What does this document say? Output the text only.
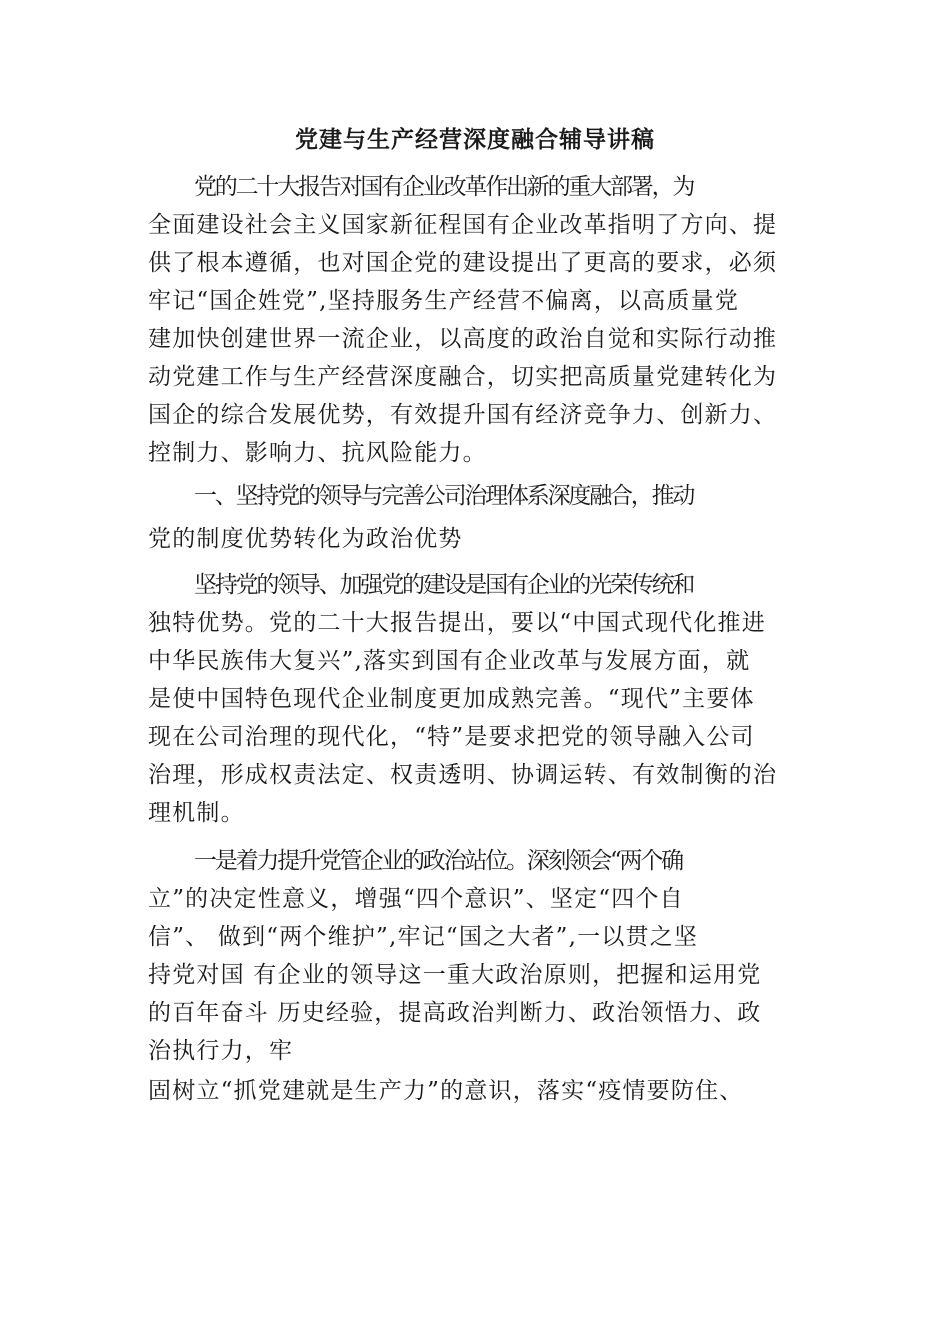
党建与生产经营深度融合辅导讲稿
党的二十大报告对国有企业改革作出新的重大部署，为
全面建设社会主义国家新征程国有企业改革指明了方向、提
供了根本遵循，也对国企党的建设提出了更高的要求，必须
牢记“国企姓党”,坚持服务生产经营不偏离，以高质量党
建加快创建世界一流企业，以高度的政治自觉和实际行动推
动党建工作与生产经营深度融合，切实把高质量党建转化为
国企的综合发展优势，有效提升国有经济竞争力、创新力、
控制力、影响力、抗风险能力。
一、坚持党的领导与完善公司治理体系深度融合，推动
党的制度优势转化为政治优势
坚持党的领导、加强党的建设是国有企业的光荣传统和
独特优势。党的二十大报告提出，要以“中国式现代化推进
中华民族伟大复兴”,落实到国有企业改革与发展方面，就
是使中国特色现代企业制度更加成熟完善。“现代”主要体
现在公司治理的现代化，“特”是要求把党的领导融入公司
治理，形成权责法定、权责透明、协调运转、有效制衡的治
理机制。
一是着力提升党管企业的政治站位。深刻领会“两个确
立”的决定性意义，增强“四个意识”、坚定“四个自
信”、 做到“两个维护”,牢记“国之大者”,一以贯之坚
持党对国 有企业的领导这一重大政治原则，把握和运用党
的百年奋斗 历史经验，提高政治判断力、政治领悟力、政
治执行力，牢
固树立“抓党建就是生产力”的意识，落实“疫情要防住、
